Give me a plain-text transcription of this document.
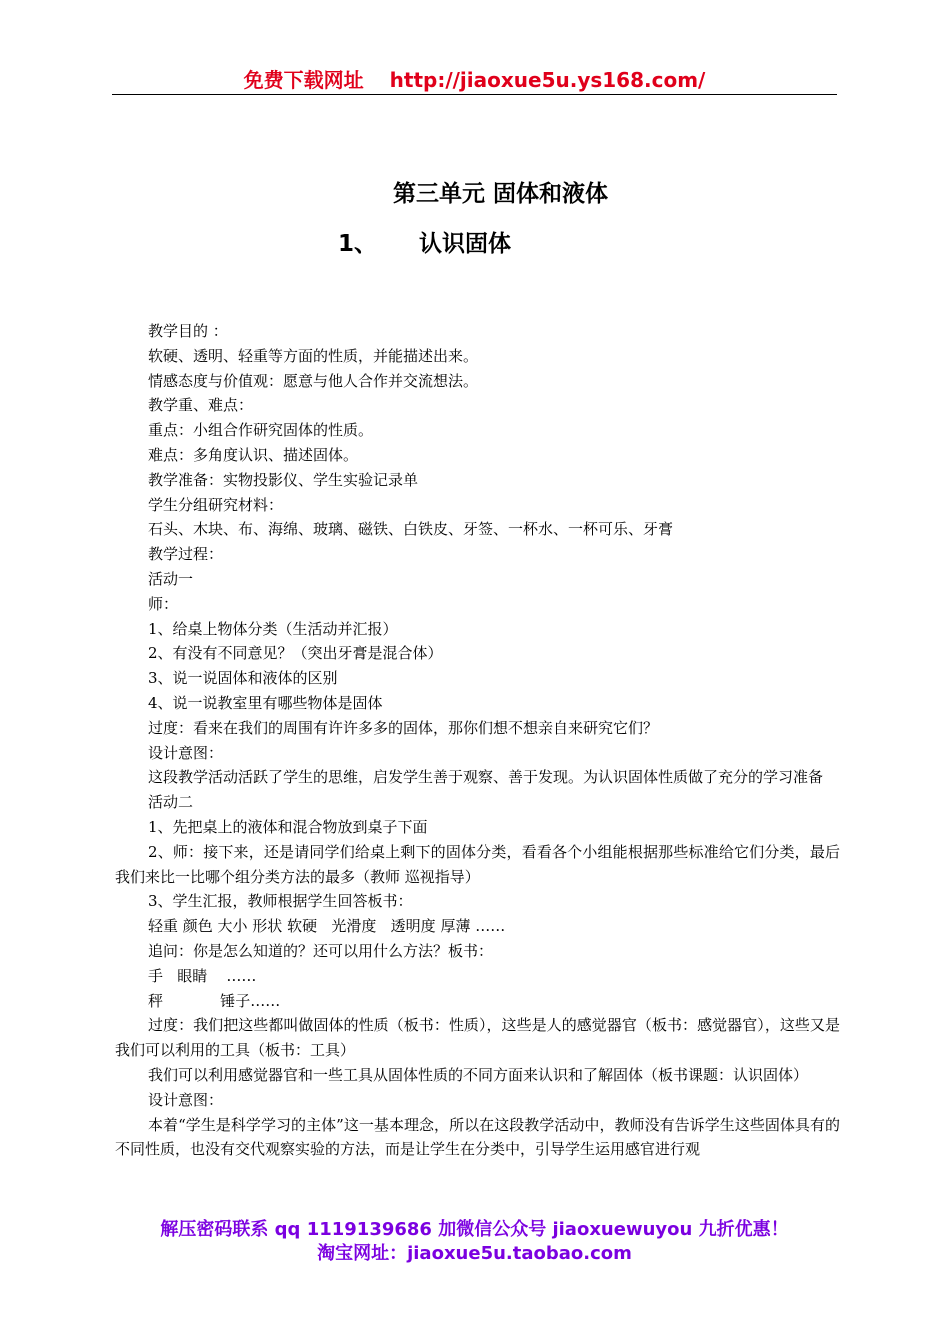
免费下载网址 http://jiaoxue5u.ys168.com/
第三单元 固体和液体
1、 认识固体

教学目的 ：

软硬、透明、轻重等方面的性质，并能描述出来。

情感态度与价值观：愿意与他人合作并交流想法。

教学重、难点：

重点：小组合作研究固体的性质。

难点：多角度认识、描述固体。

教学准备：实物投影仪、学生实验记录单

学生分组研究材料：

石头、木块、布、海绵、玻璃、磁铁、白铁皮、牙签、一杯水、一杯可乐、牙膏

教学过程：

活动一

师：

1、给桌上物体分类（生活动并汇报）

2、有没有不同意见？（突出牙膏是混合体）

3、说一说固体和液体的区别

4、说一说教室里有哪些物体是固体

过度：看来在我们的周围有许许多多的固体，那你们想不想亲自来研究它们？

设计意图：

这段教学活动活跃了学生的思维，启发学生善于观察、善于发现。为认识固体性质做了充分的学习准备

活动二

1、先把桌上的液体和混合物放到桌子下面

2、师：接下来，还是请同学们给桌上剩下的固体分类，看看各个小组能根据那些标准给它们分类，最后我们来比一比哪个组分类方法的最多（教师 巡视指导）

3、学生汇报，教师根据学生回答板书：

轻重 颜色 大小 形状 软硬   光滑度   透明度 厚薄 ……

追问：你是怎么知道的？还可以用什么方法？板书：

手   眼睛    ……

秤            锤子……

过度：我们把这些都叫做固体的性质（板书：性质），这些是人的感觉器官（板书：感觉器官），这些又是我们可以利用的工具（板书：工具）

我们可以利用感觉器官和一些工具从固体性质的不同方面来认识和了解固体（板书课题：认识固体）

设计意图：

本着“学生是科学学习的主体”这一基本理念，所以在这段教学活动中，教师没有告诉学生这些固体具有的不同性质，也没有交代观察实验的方法，而是让学生在分类中，引导学生运用感官进行观

解压密码联系 qq 1119139686 加微信公众号 jiaoxuewuyou 九折优惠！
淘宝网址：jiaoxue5u.taobao.com
